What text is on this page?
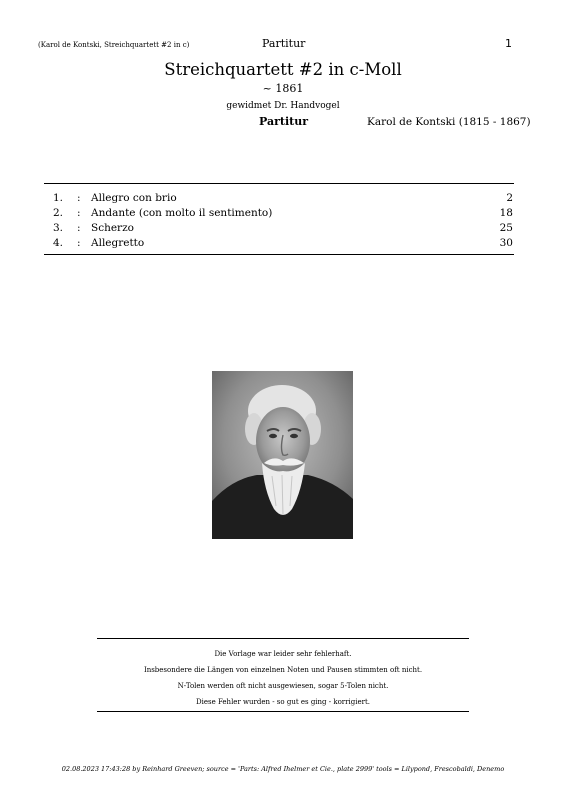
(Karol de Kontski, Streichquartett #2 in c)	Partitur	1
Streichquartett #2 in c-Moll
~ 1861
gewidmet Dr. Handvogel
Partitur	Karol de Kontski (1815 - 1867)
1.	: Allegro con brio	2
2.	: Andante (con molto il sentimento)	18
3.	: Scherzo	25
4.	: Allegretto	30
Die Vorlage war leider sehr fehlerhaft.
Insbesondere die Längen von einzelnen Noten und Pausen stimmten oft nicht.
N-Tolen werden oft nicht ausgewiesen, sogar 5-Tolen nicht.
Diese Fehler wurden - so gut es ging - korrigiert.
02.08.2023 17:43:28 by Reinhard Greeven; source = 'Parts: Alfred Ihelmer et Cie., plate 2999' tools = Lilypond, Frescobaldi, Denemo
